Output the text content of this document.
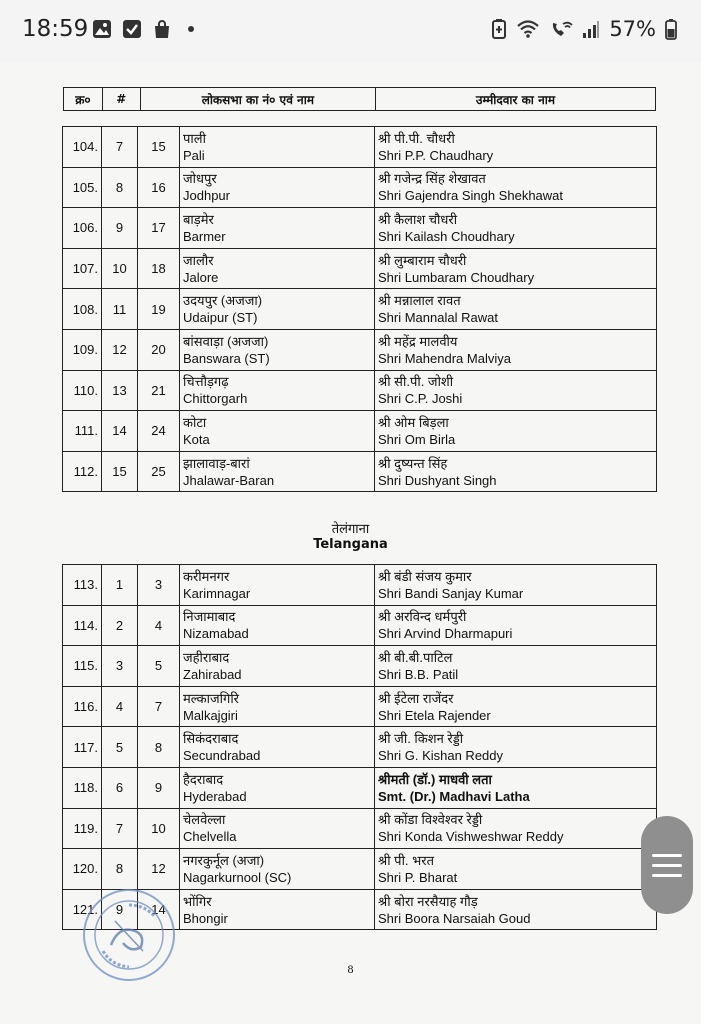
18:59	57%
क्र०	#	लोकसभा का नं० एवं नाम	उम्मीदवार का नाम
104.	7	15	पाली
Pali	श्री पी.पी. चौधरी
Shri P.P. Chaudhary

105.	8	16	जोधपुर
Jodhpur	श्री गजेन्द्र सिंह शेखावत
Shri Gajendra Singh Shekhawat

106.	9	17	बाड़मेर
Barmer	श्री कैलाश चौधरी
Shri Kailash Choudhary

107.	10	18	जालौर
Jalore	श्री लुम्बाराम चौधरी
Shri Lumbaram Choudhary

108.	11	19	उदयपुर (अजजा)
Udaipur (ST)	श्री मन्नालाल रावत
Shri Mannalal Rawat

109.	12	20	बांसवाड़ा (अजजा)
Banswara (ST)	श्री महेंद्र मालवीय
Shri Mahendra Malviya

110.	13	21	चित्तौड़गढ़
Chittorgarh	श्री सी.पी. जोशी
Shri C.P. Joshi

111.	14	24	कोटा
Kota	श्री ओम बिड़ला
Shri Om Birla

112.	15	25	झालावाड़-बारां
Jhalawar-Baran	श्री दुष्यन्त सिंह
Shri Dushyant Singh
तेलंगाना
Telangana
113.	1	3	करीमनगर
Karimnagar	श्री बंडी संजय कुमार
Shri Bandi Sanjay Kumar

114.	2	4	निजामाबाद
Nizamabad	श्री अरविन्द धर्मपुरी
Shri Arvind Dharmapuri

115.	3	5	जहीराबाद
Zahirabad	श्री बी.बी.पाटिल
Shri B.B. Patil

116.	4	7	मल्काजगिरि
Malkajgiri	श्री ईटेला राजेंदर
Shri Etela Rajender

117.	5	8	सिकंदराबाद
Secundrabad	श्री जी. किशन रेड्डी
Shri G. Kishan Reddy

118.	6	9	हैदराबाद
Hyderabad	श्रीमती (डॉ.) माधवी लता
Smt. (Dr.) Madhavi Latha

119.	7	10	चेलवेल्ला
Chelvella	श्री कोंडा विश्वेश्वर रेड्डी
Shri Konda Vishweshwar Reddy

120.	8	12	नगरकुर्नूल (अजा)
Nagarkurnool (SC)	श्री पी. भरत
Shri P. Bharat

121.	9	14	भोंगिर
Bhongir	श्री बोरा नरसैयाह गौड़
Shri Boora Narsaiah Goud
8
